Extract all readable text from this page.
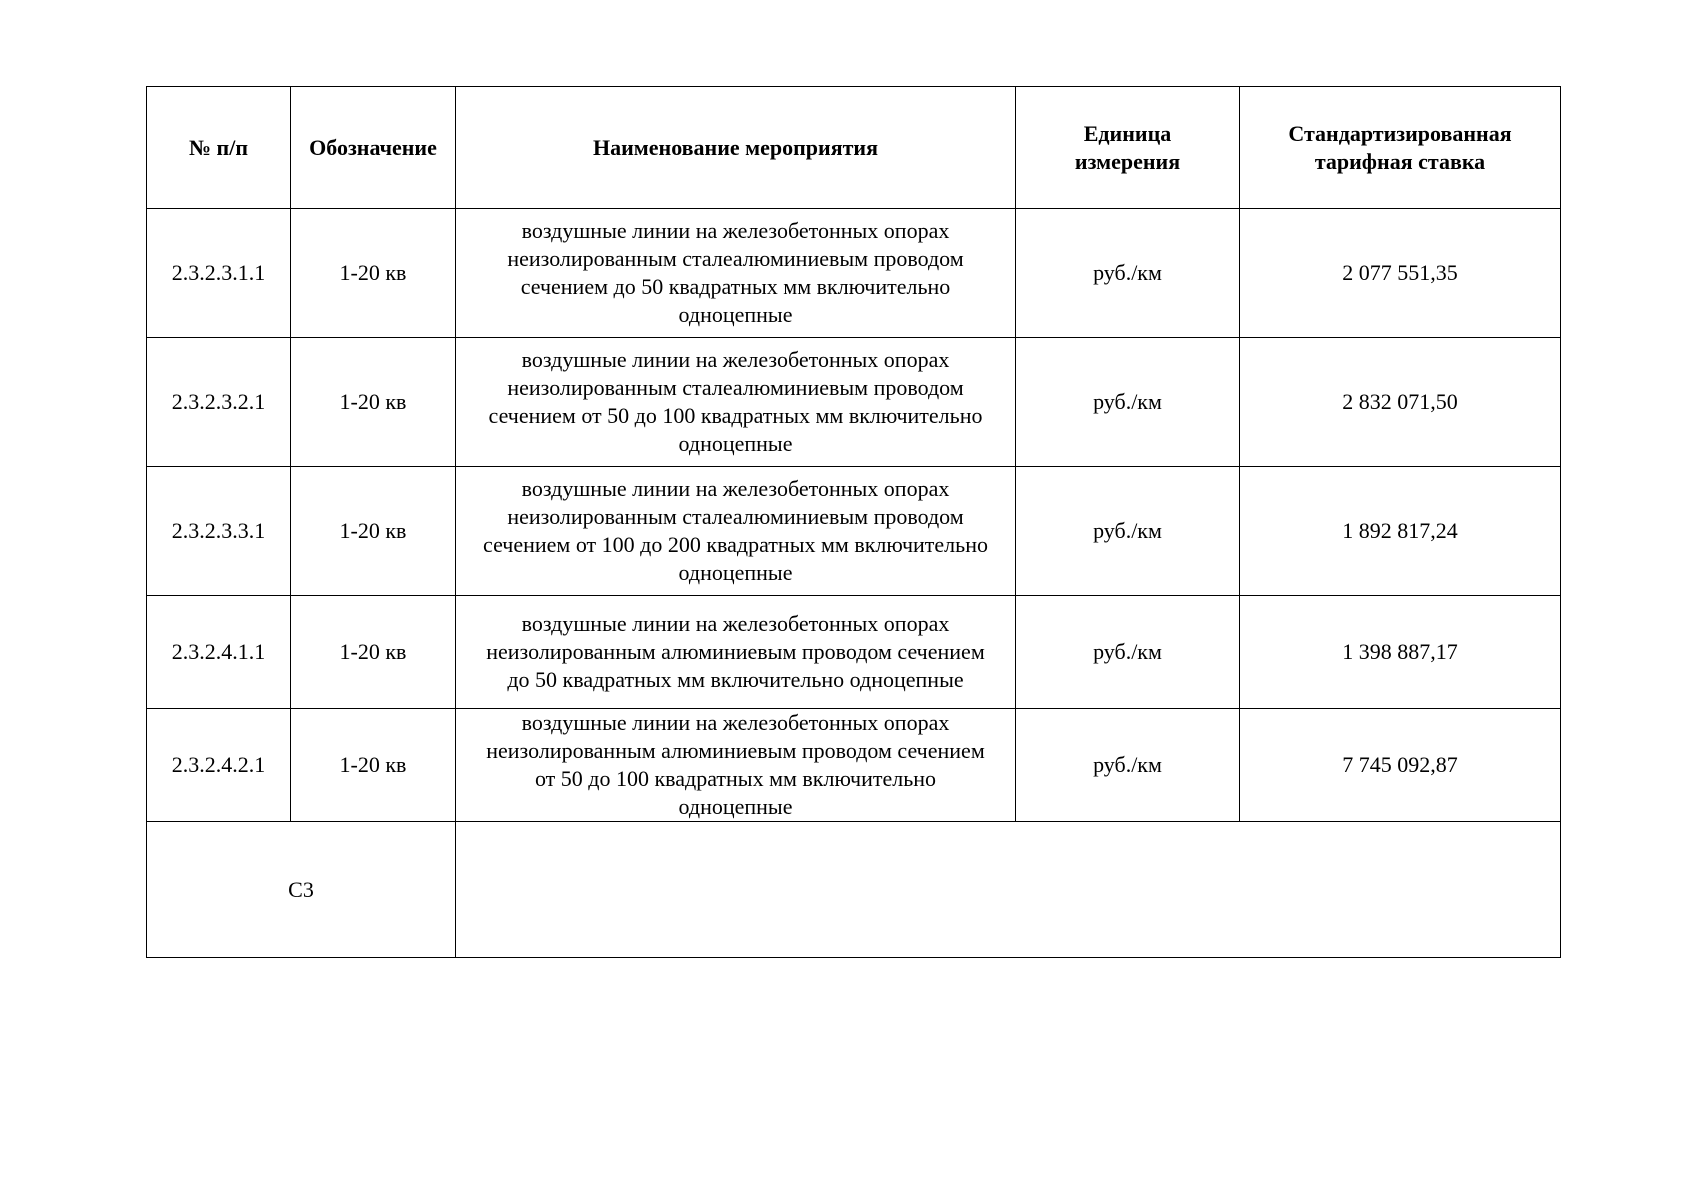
№ п/п	Обозначение	Наименование мероприятия	Единица измерения	Стандартизированная тарифная ставка
2.3.2.3.1.1	1-20 кв	воздушные линии на железобетонных опорах неизолированным сталеалюминиевым проводом сечением до 50 квадратных мм включительно одноцепные	руб./км	2 077 551,35
2.3.2.3.2.1	1-20 кв	воздушные линии на железобетонных опорах неизолированным сталеалюминиевым проводом сечением от 50 до 100 квадратных мм включительно одноцепные	руб./км	2 832 071,50
2.3.2.3.3.1	1-20 кв	воздушные линии на железобетонных опорах неизолированным сталеалюминиевым проводом сечением от 100 до 200 квадратных мм включительно одноцепные	руб./км	1 892 817,24
2.3.2.4.1.1	1-20 кв	воздушные линии на железобетонных опорах неизолированным алюминиевым проводом сечением до 50 квадратных мм включительно одноцепные	руб./км	1 398 887,17
2.3.2.4.2.1	1-20 кв	воздушные линии на железобетонных опорах неизолированным алюминиевым проводом сечением от 50 до 100 квадратных мм включительно одноцепные	руб./км	7 745 092,87
С3				
